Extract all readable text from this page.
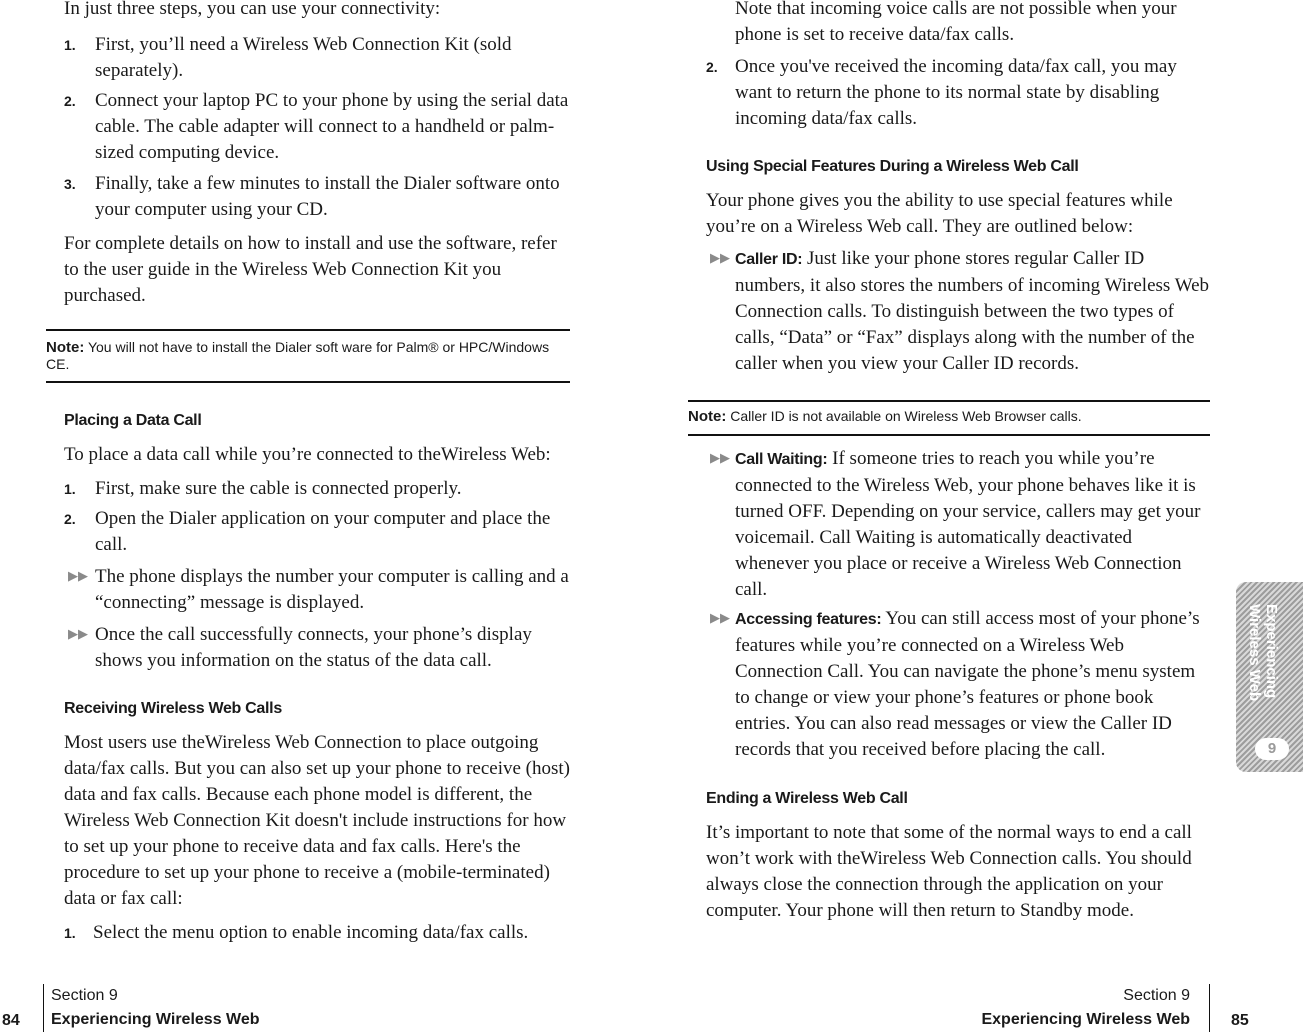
In just three steps, you can use your connectivity:

1. First, you’ll need a Wireless Web Connection Kit (sold separately).
2. Connect your laptop PC to your phone by using the serial data cable. The cable adapter will connect to a handheld or palm-sized computing device.
3. Finally, take a few minutes to install the Dialer software onto your computer using your CD.

For complete details on how to install and use the software, refer to the user guide in the Wireless Web Connection Kit you purchased.

Note: You will not have to install the Dialer soft ware for Palm® or HPC/Windows CE.
Placing a Data Call

To place a data call while you’re connected to theWireless Web:

1. First, make sure the cable is connected properly.
2. Open the Dialer application on your computer and place the call.
▶▶ The phone displays the number your computer is calling and a “connecting” message is displayed.
▶▶ Once the call successfully connects, your phone’s display shows you information on the status of the data call.
Receiving Wireless Web Calls

Most users use theWireless Web Connection to place outgoing data/fax calls. But you can also set up your phone to receive (host) data and fax calls. Because each phone model is different, the Wireless Web Connection Kit doesn't include instructions for how to set up your phone to receive data and fax calls. Here's the procedure to set up your phone to receive a (mobile-terminated) data or fax call:

1. Select the menu option to enable incoming data/fax calls.

Note that incoming voice calls are not possible when your phone is set to receive data/fax calls.

2. Once you've received the incoming data/fax call, you may want to return the phone to its normal state by disabling incoming data/fax calls.
Using Special Features During a Wireless Web Call

Your phone gives you the ability to use special features while you’re on a Wireless Web call. They are outlined below:

▶▶ Caller ID: Just like your phone stores regular Caller ID numbers, it also stores the numbers of incoming Wireless Web Connection calls. To distinguish between the two types of calls, “Data” or “Fax” displays along with the number of the caller when you view your Caller ID records.
Note: Caller ID is not available on Wireless Web Browser calls.
▶▶ Call Waiting: If someone tries to reach you while you’re connected to the Wireless Web, your phone behaves like it is turned OFF. Depending on your service, callers may get your voicemail. Call Waiting is automatically deactivated whenever you place or receive a Wireless Web Connection call.
▶▶ Accessing features: You can still access most of your phone’s features while you’re connected on a Wireless Web Connection Call. You can navigate the phone’s menu system to change or view your phone’s features or phone book entries. You can also read messages or view the Caller ID records that you received before placing the call.
Ending a Wireless Web Call

It’s important to note that some of the normal ways to end a call won’t work with theWireless Web Connection calls. You should always close the connection through the application on your computer. Your phone will then return to Standby mode.

Experiencing
Wireless Web
9
84
Section 9
Experiencing Wireless Web
Section 9
Experiencing Wireless Web	85
